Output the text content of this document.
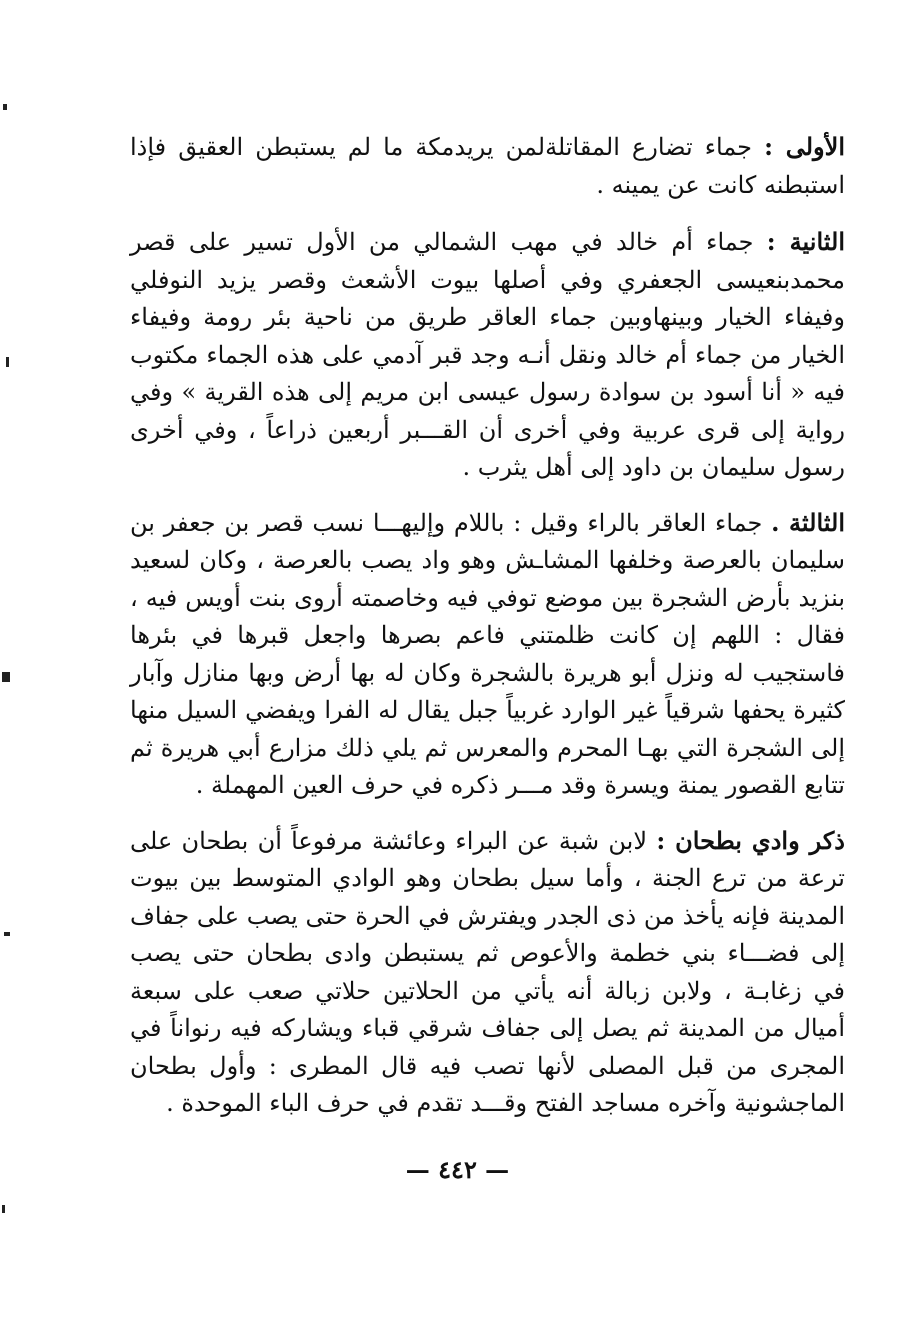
الأولى : جماء تضارع المقاتلةلمن يريدمكة ما لم يستبطن العقيق فإذا استبطنه كانت عن يمينه .

الثانية : جماء أم خالد في مهب الشمالي من الأول تسير على قصر محمدبنعيسى الجعفري وفي أصلها بيوت الأشعث وقصر يزيد النوفلي وفيفاء الخيار وبينهاوبين جماء العاقر طريق من ناحية بئر رومة وفيفاء الخيار من جماء أم خالد ونقل أنـه وجد قبر آدمي على هذه الجماء مكتوب فيه « أنا أسود بن سوادة رسول عيسى ابن مريم إلى هذه القرية » وفي رواية إلى قرى عربية وفي أخرى أن القـــبر أربعين ذراعاً ، وفي أخرى رسول سليمان بن داود إلى أهل يثرب .

الثالثة . جماء العاقر بالراء وقيل : باللام وإليهـــا نسب قصر بن جعفر بن سليمان بالعرصة وخلفها المشاـش وهو واد يصب بالعرصة ، وكان لسعيد بنزيد بأرض الشجرة بين موضع توفي فيه وخاصمته أروى بنت أويس فيه ، فقال : اللهم إن كانت ظلمتني فاعم بصرها واجعل قبرها في بئرها فاستجيب له ونزل أبو هريرة بالشجرة وكان له بها أرض وبها منازل وآبار كثيرة يحفها شرقياً غير الوارد غربياً جبل يقال له الفرا ويفضي السيل منها إلى الشجرة التي بهـا المحرم والمعرس ثم يلي ذلك مزارع أبي هريرة ثم تتابع القصور يمنة ويسرة وقد مـــر ذكره في حرف العين المهملة .

ذكر وادي بطحان : لابن شبة عن البراء وعائشة مرفوعاً أن بطحان على ترعة من ترع الجنة ، وأما سيل بطحان وهو الوادي المتوسط بين بيوت المدينة فإنه يأخذ من ذى الجدر ويفترش في الحرة حتى يصب على جفاف إلى فضـــاء بني خطمة والأعوص ثم يستبطن وادى بطحان حتى يصب في زغابـة ، ولابن زبالة أنه يأتي من الحلاتين حلاتي صعب على سبعة أميال من المدينة ثم يصل إلى جفاف شرقي قباء ويشاركه فيه رنواناً في المجرى من قبل المصلى لأنها تصب فيه قال المطرى : وأول بطحان الماجشونية وآخره مساجد الفتح وقـــد تقدم في حرف الباء الموحدة .

— ٤٤٢ —
